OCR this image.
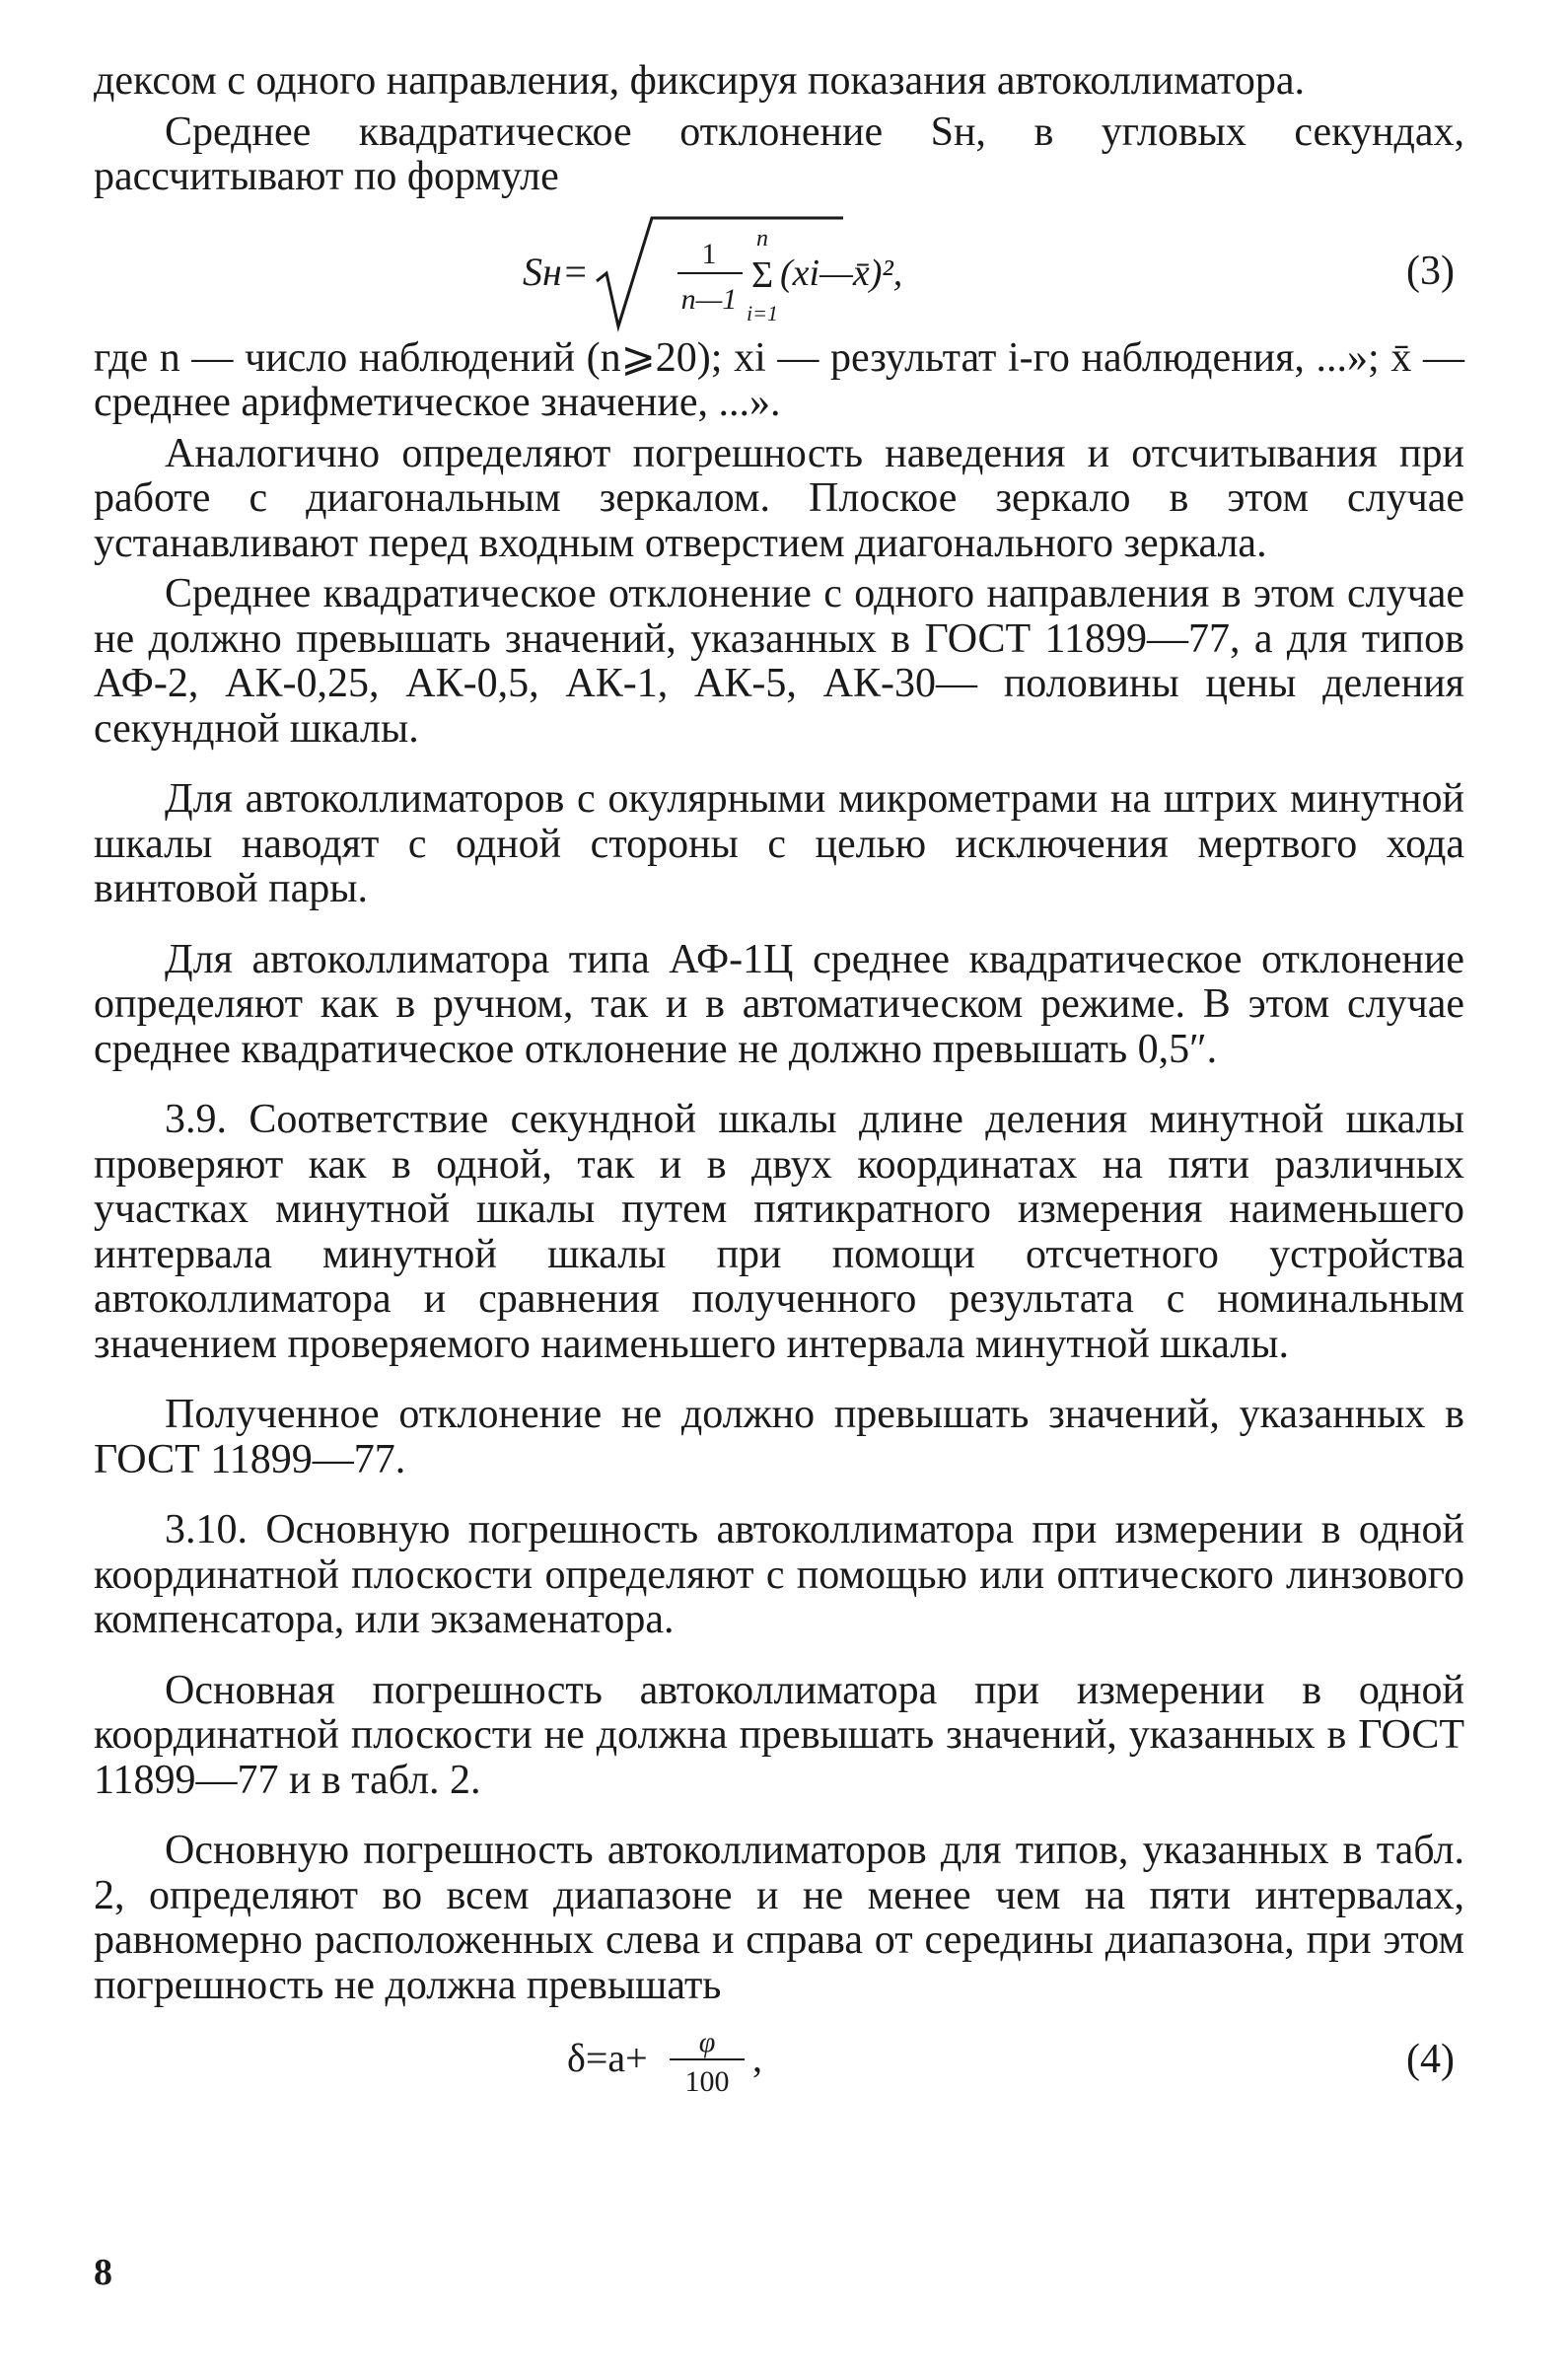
дексом с одного направления, фиксируя показания автоколлиматора.

Среднее квадратическое отклонение Sн, в угловых секундах, рассчитывают по формуле

Sн=	1
n—1
n
Σ
i=1
(xi—x̄)²,	(3)

где n — число наблюдений (n⩾20); xi — результат i-го наблюдения, ...»; x̄ — среднее арифметическое значение, ...».

Аналогично определяют погрешность наведения и отсчитывания при работе с диагональным зеркалом. Плоское зеркало в этом случае устанавливают перед входным отверстием диагонального зеркала.

Среднее квадратическое отклонение с одного направления в этом случае не должно превышать значений, указанных в ГОСТ 11899—77, а для типов АФ-2, АК-0,25, АК-0,5, АК-1, АК-5, АК-30— половины цены деления секундной шкалы.

Для автоколлиматоров с окулярными микрометрами на штрих минутной шкалы наводят с одной стороны с целью исключения мертвого хода винтовой пары.

Для автоколлиматора типа АФ-1Ц среднее квадратическое отклонение определяют как в ручном, так и в автоматическом режиме. В этом случае среднее квадратическое отклонение не должно превышать 0,5″.

3.9. Соответствие секундной шкалы длине деления минутной шкалы проверяют как в одной, так и в двух координатах на пяти различных участках минутной шкалы путем пятикратного измерения наименьшего интервала минутной шкалы при помощи отсчетного устройства автоколлиматора и сравнения полученного результата с номинальным значением проверяемого наименьшего интервала минутной шкалы.

Полученное отклонение не должно превышать значений, указанных в ГОСТ 11899—77.

3.10. Основную погрешность автоколлиматора при измерении в одной координатной плоскости определяют с помощью или оптического линзового компенсатора, или экзаменатора.

Основная погрешность автоколлиматора при измерении в одной координатной плоскости не должна превышать значений, указанных в ГОСТ 11899—77 и в табл. 2.

Основную погрешность автоколлиматоров для типов, указанных в табл. 2, определяют во всем диапазоне и не менее чем на пяти интервалах, равномерно расположенных слева и справа от середины диапазона, при этом погрешность не должна превышать

δ=a+ φ
100
,	(4)
8
